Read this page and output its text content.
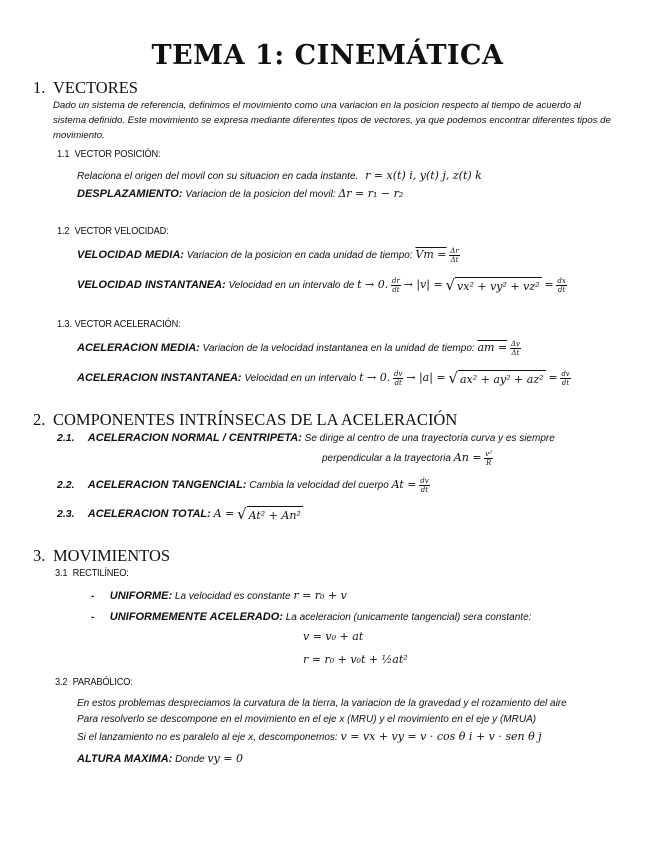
TEMA 1: CINEMÁTICA
1. VECTORES
Dado un sistema de referencia, definimos el movimiento como una variacion en la posicion respecto al tiempo de acuerdo al sistema definido. Este movimiento se expresa mediante diferentes tipos de vectores, ya que podemos encontrar diferentes tipos de movimiento.
1.1 VECTOR POSICIÓN:
Relaciona el origen del movil con su situacion en cada instante. r = x(t) i, y(t) j, z(t) k
DESPLAZAMIENTO: Variacion de la posicion del movil: Δr = r₁ − r₂
1.2 VECTOR VELOCIDAD:
VELOCIDAD MEDIA: Variacion de la posicion en cada unidad de tiempo: $Vm = \frac{\Delta r}{\Delta t}$
VELOCIDAD INSTANTANEA: Velocidad en un intervalo de t → 0. $\frac{dr}{dt} \to |v|$ = √ $vx^2 + vy^2 + vz^2 = \frac{dx}{dt}$
1.3. VECTOR ACELERACIÓN:
ACELERACION MEDIA: Variacion de la velocidad instantanea en la unidad de tiempo: am = $\frac{\Delta v}{\Delta t}$
ACELERACION INSTANTANEA: Velocidad en un intervalo t → 0. $\frac{dv}{dt} \to |a|$ = √ $ax^2 + ay^2 + az^2 = \frac{dv}{dt}$
2. COMPONENTES INTRÍNSECAS DE LA ACELERACIÓN
2.1. ACELERACION NORMAL / CENTRIPETA: Se dirige al centro de una trayectoria curva y es siempre
perpendicular a la trayectoria $An = \frac{\text{v²}}{R}$
2.2. ACELERACION TANGENCIAL: Cambia la velocidad del cuerpo $At = \frac{dv}{dt}$
2.3. ACELERACION TOTAL: A = √ At² + An²
3. MOVIMIENTOS
3.1 RECTILÍNEO:
- UNIFORME: La velocidad es constante r = r₀ + v
- UNIFORMEMENTE ACELERADO: La aceleracion (unicamente tangencial) sera constante:
v = v₀ + at
r = r₀ + v₀t + ½at²
3.2 PARABÓLICO:
En estos problemas despreciamos la curvatura de la tierra, la variacion de la gravedad y el rozamiento del aire
Para resolverlo se descompone en el movimiento en el eje x (MRU) y el movimiento en el eje y (MRUA)
Si el lanzamiento no es paralelo al eje x, descomponemos: v = vx + vy = v · cos θ i + v · sen θ j
ALTURA MAXIMA: Donde vy = 0
